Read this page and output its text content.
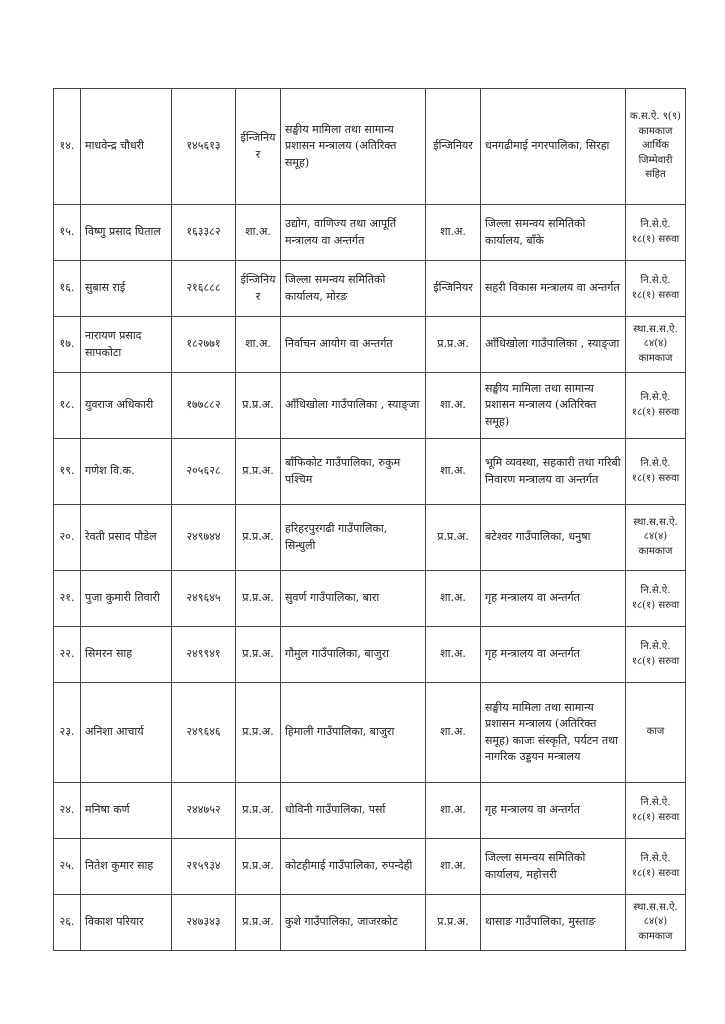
१४.	माधवेन्द्र चौधरी	१४५६१३	ईन्जिनियर	सङ्घीय मामिला तथा सामान्य प्रशासन मन्त्रालय (अतिरिक्त समूह)	ईन्जिनियर	धनगढीमाई नगरपालिका, सिरहा	क.स.ऐ. ९(९) कामकाज आर्थिक जिम्मेवारी सहित
१५.	विष्णु प्रसाद घिताल	१६३३८२	शा.अ.	उद्योग, वाणिज्य तथा आपूर्ति मन्त्रालय वा अन्तर्गत	शा.अ.	जिल्ला समन्वय समितिको कार्यालय, बाँके	नि.से.ऐ. १८(१) सरुवा
१६.	सुबास राई	२१६८८८	ईन्जिनियर	जिल्ला समन्वय समितिको कार्यालय, मोरङ	ईन्जिनियर	सहरी विकास मन्त्रालय वा अन्तर्गत	नि.से.ऐ. १८(१) सरुवा
१७.	नारायण प्रसाद सापकोटा	१८२७७१	शा.अ.	निर्वाचन आयोग वा अन्तर्गत	प्र.प्र.अ.	आँधिखोला गाउँपालिका , स्याङ्जा	स्था.स.स.ऐ. ८४(४) कामकाज
१८.	युवराज अधिकारी	१७७८८२	प्र.प्र.अ.	आँधिखोला गाउँपालिका , स्याङ्जा	शा.अ.	सङ्घीय मामिला तथा सामान्य प्रशासन मन्त्रालय (अतिरिक्त समूह)	नि.से.ऐ. १८(१) सरुवा
१९.	गणेश वि.क.	२०५६२८	प्र.प्र.अ.	बाँफिकोट गाउँपालिका, रुकुम पश्चिम	शा.अ.	भूमि व्यवस्था, सहकारी तथा गरिबी निवारण मन्त्रालय वा अन्तर्गत	नि.से.ऐ. १८(१) सरुवा
२०.	रेवती प्रसाद पौडेल	२४९७४४	प्र.प्र.अ.	हरिहरपुरगढी गाउँपालिका, सिन्धुली	प्र.प्र.अ.	बटेश्वर गाउँपालिका, धनुषा	स्था.स.स.ऐ. ८४(४) कामकाज
२१.	पुजा कुमारी तिवारी	२४९६४५	प्र.प्र.अ.	सुवर्ण गाउँपालिका, बारा	शा.अ.	गृह मन्त्रालय वा अन्तर्गत	नि.से.ऐ. १८(१) सरुवा
२२.	सिमरन साह	२४९९४१	प्र.प्र.अ.	गौमुल गाउँपालिका, बाजुरा	शा.अ.	गृह मन्त्रालय वा अन्तर्गत	नि.से.ऐ. १८(१) सरुवा
२३.	अनिशा आचार्य	२४९६४६	प्र.प्र.अ.	हिमाली गाउँपालिका, बाजुरा	शा.अ.	सङ्घीय मामिला तथा सामान्य प्रशासन मन्त्रालय (अतिरिक्त समूह) काजः संस्कृति, पर्यटन तथा नागरिक उड्डयन मन्त्रालय	काज
२४.	मनिषा कर्ण	२४४७५२	प्र.प्र.अ.	धोविनी गाउँपालिका, पर्सा	शा.अ.	गृह मन्त्रालय वा अन्तर्गत	नि.से.ऐ. १८(१) सरुवा
२५.	नितेश कुमार साह	२१५९३४	प्र.प्र.अ.	कोटहीमाई गाउँपालिका, रुपन्देही	शा.अ.	जिल्ला समन्वय समितिको कार्यालय, महोत्तरी	नि.से.ऐ. १८(१) सरुवा
२६.	विकाश परियार	२४७३४३	प्र.प्र.अ.	कुशे गाउँपालिका, जाजरकोट	प्र.प्र.अ.	थासाङ गाउँपालिका, मुस्ताङ	स्था.स.स.ऐ. ८४(४) कामकाज
